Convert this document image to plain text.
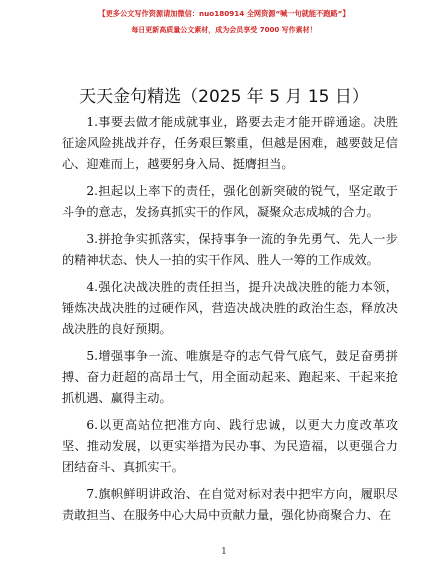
【更多公文写作资源请加微信：nuo180914 全网资源“喊一句就能不跑路”】
每日更新高质量公文素材，成为会员享受 7000 写作素材！
天天金句精选（2025 年 5 月 15 日）

1.事要去做才能成就事业，路要去走才能开辟通途。决胜征途风险挑战并存，任务艰巨繁重，但越是困难，越要鼓足信心、迎难而上，越要躬身入局、挺膺担当。

2.担起以上率下的责任，强化创新突破的锐气，坚定敢于斗争的意志，发扬真抓实干的作风，凝聚众志成城的合力。

3.拼抢争实抓落实，保持事争一流的争先勇气、先人一步的精神状态、快人一拍的实干作风、胜人一筹的工作成效。

4.强化决战决胜的责任担当，提升决战决胜的能力本领，锤炼决战决胜的过硬作风，营造决战决胜的政治生态，释放决战决胜的良好预期。

5.增强事争一流、唯旗是夺的志气骨气底气，鼓足奋勇拼搏、奋力赶超的高昂士气，用全面动起来、跑起来、干起来抢抓机遇、赢得主动。

6.以更高站位把准方向、践行忠诚，以更大力度改革攻坚、推动发展，以更实举措为民办事、为民造福，以更强合力团结奋斗、真抓实干。

7.旗帜鲜明讲政治、在自觉对标对表中把牢方向，履职尽责敢担当、在服务中心大局中贡献力量，强化协商聚合力、在

1
